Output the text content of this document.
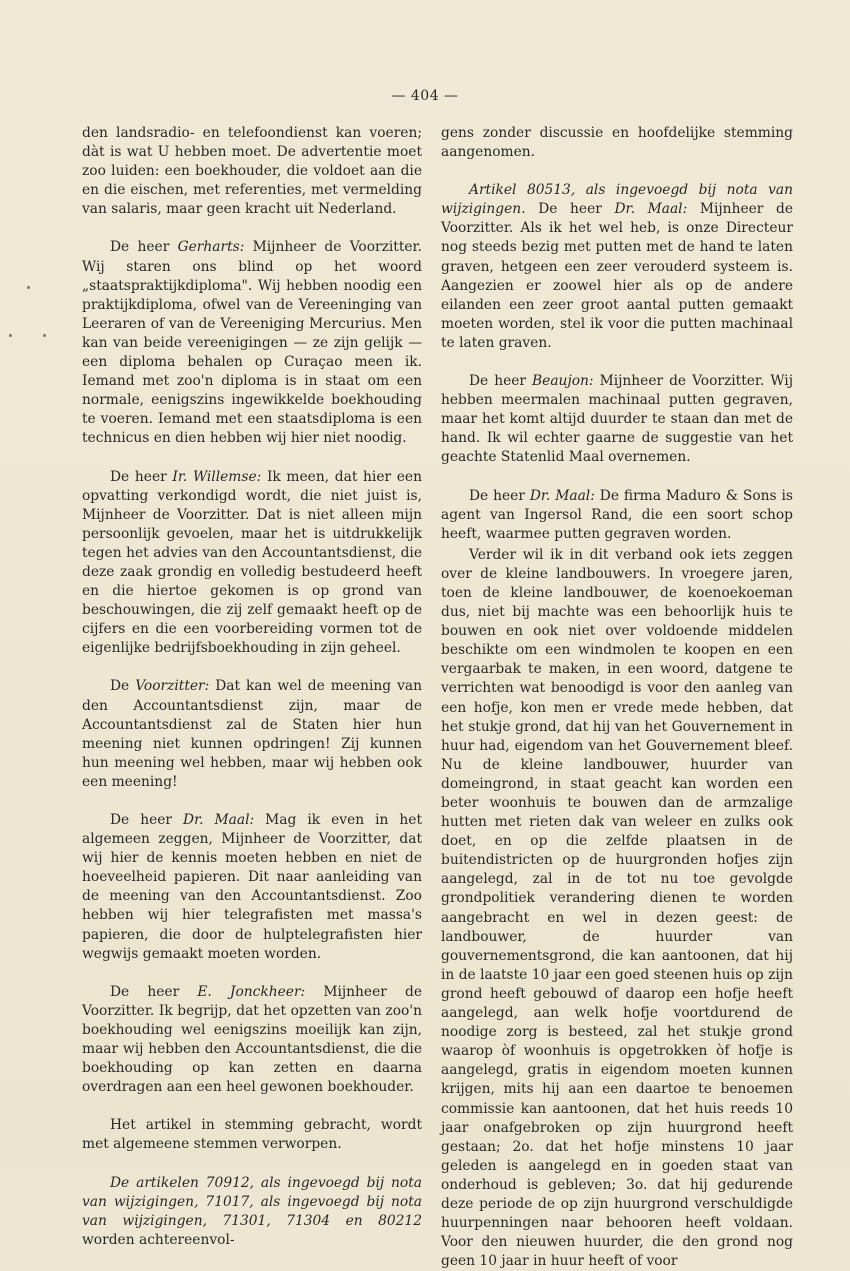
— 404 —

den landsradio- en telefoondienst kan voeren; dàt is wat U hebben moet. De advertentie moet zoo luiden: een boekhouder, die voldoet aan die en die eischen, met referenties, met vermelding van salaris, maar geen kracht uit Nederland.

De heer Gerharts: Mijnheer de Voorzitter. Wij staren ons blind op het woord „staatspraktijkdiploma". Wij hebben noodig een praktijkdiploma, ofwel van de Vereeninging van Leeraren of van de Vereeniging Mercurius. Men kan van beide vereenigingen — ze zijn gelijk — een diploma behalen op Curaçao meen ik. Iemand met zoo'n diploma is in staat om een normale, eenigszins ingewikkelde boekhouding te voeren. Iemand met een staatsdiploma is een technicus en dien hebben wij hier niet noodig.

De heer Ir. Willemse: Ik meen, dat hier een opvatting verkondigd wordt, die niet juist is, Mijnheer de Voorzitter. Dat is niet alleen mijn persoonlijk gevoelen, maar het is uitdrukkelijk tegen het advies van den Accountantsdienst, die deze zaak grondig en volledig bestudeerd heeft en die hiertoe gekomen is op grond van beschouwingen, die zij zelf gemaakt heeft op de cijfers en die een voorbereiding vormen tot de eigenlijke bedrijfsboekhouding in zijn geheel.

De Voorzitter: Dat kan wel de meening van den Accountantsdienst zijn, maar de Accountantsdienst zal de Staten hier hun meening niet kunnen opdringen! Zij kunnen hun meening wel hebben, maar wij hebben ook een meening!

De heer Dr. Maal: Mag ik even in het algemeen zeggen, Mijnheer de Voorzitter, dat wij hier de kennis moeten hebben en niet de hoeveelheid papieren. Dit naar aanleiding van de meening van den Accountantsdienst. Zoo hebben wij hier telegrafisten met massa's papieren, die door de hulptelegrafisten hier wegwijs gemaakt moeten worden.

De heer E. Jonckheer: Mijnheer de Voorzitter. Ik begrijp, dat het opzetten van zoo'n boekhouding wel eenigszins moeilijk kan zijn, maar wij hebben den Accountantsdienst, die die boekhouding op kan zetten en daarna overdragen aan een heel gewonen boekhouder.

Het artikel in stemming gebracht, wordt met algemeene stemmen verworpen.

De artikelen 70912, als ingevoegd bij nota van wijzigingen, 71017, als ingevoegd bij nota van wijzigingen, 71301, 71304 en 80212 worden achtereenvol-

gens zonder discussie en hoofdelijke stemming aangenomen.

Artikel 80513, als ingevoegd bij nota van wijzigingen. De heer Dr. Maal: Mijnheer de Voorzitter. Als ik het wel heb, is onze Directeur nog steeds bezig met putten met de hand te laten graven, hetgeen een zeer verouderd systeem is. Aangezien er zoowel hier als op de andere eilanden een zeer groot aantal putten gemaakt moeten worden, stel ik voor die putten machinaal te laten graven.

De heer Beaujon: Mijnheer de Voorzitter. Wij hebben meermalen machinaal putten gegraven, maar het komt altijd duurder te staan dan met de hand. Ik wil echter gaarne de suggestie van het geachte Statenlid Maal overnemen.

De heer Dr. Maal: De firma Maduro & Sons is agent van Ingersol Rand, die een soort schop heeft, waarmee putten gegraven worden.

Verder wil ik in dit verband ook iets zeggen over de kleine landbouwers. In vroegere jaren, toen de kleine landbouwer, de koenoekoeman dus, niet bij machte was een behoorlijk huis te bouwen en ook niet over voldoende middelen beschikte om een windmolen te koopen en een vergaarbak te maken, in een woord, datgene te verrichten wat benoodigd is voor den aanleg van een hofje, kon men er vrede mede hebben, dat het stukje grond, dat hij van het Gouvernement in huur had, eigendom van het Gouvernement bleef. Nu de kleine landbouwer, huurder van domeingrond, in staat geacht kan worden een beter woonhuis te bouwen dan de armzalige hutten met rieten dak van weleer en zulks ook doet, en op die zelfde plaatsen in de buitendistricten op de huurgronden hofjes zijn aangelegd, zal in de tot nu toe gevolgde grondpolitiek verandering dienen te worden aangebracht en wel in dezen geest: de landbouwer, de huurder van gouvernementsgrond, die kan aantoonen, dat hij in de laatste 10 jaar een goed steenen huis op zijn grond heeft gebouwd of daarop een hofje heeft aangelegd, aan welk hofje voortdurend de noodige zorg is besteed, zal het stukje grond waarop òf woonhuis is opgetrokken òf hofje is aangelegd, gratis in eigendom moeten kunnen krijgen, mits hij aan een daartoe te benoemen commissie kan aantoonen, dat het huis reeds 10 jaar onafgebroken op zijn huurgrond heeft gestaan; 2o. dat het hofje minstens 10 jaar geleden is aangelegd en in goeden staat van onderhoud is gebleven; 3o. dat hij gedurende deze periode de op zijn huurgrond verschuldigde huurpenningen naar behooren heeft voldaan. Voor den nieuwen huurder, die den grond nog geen 10 jaar in huur heeft of voor
